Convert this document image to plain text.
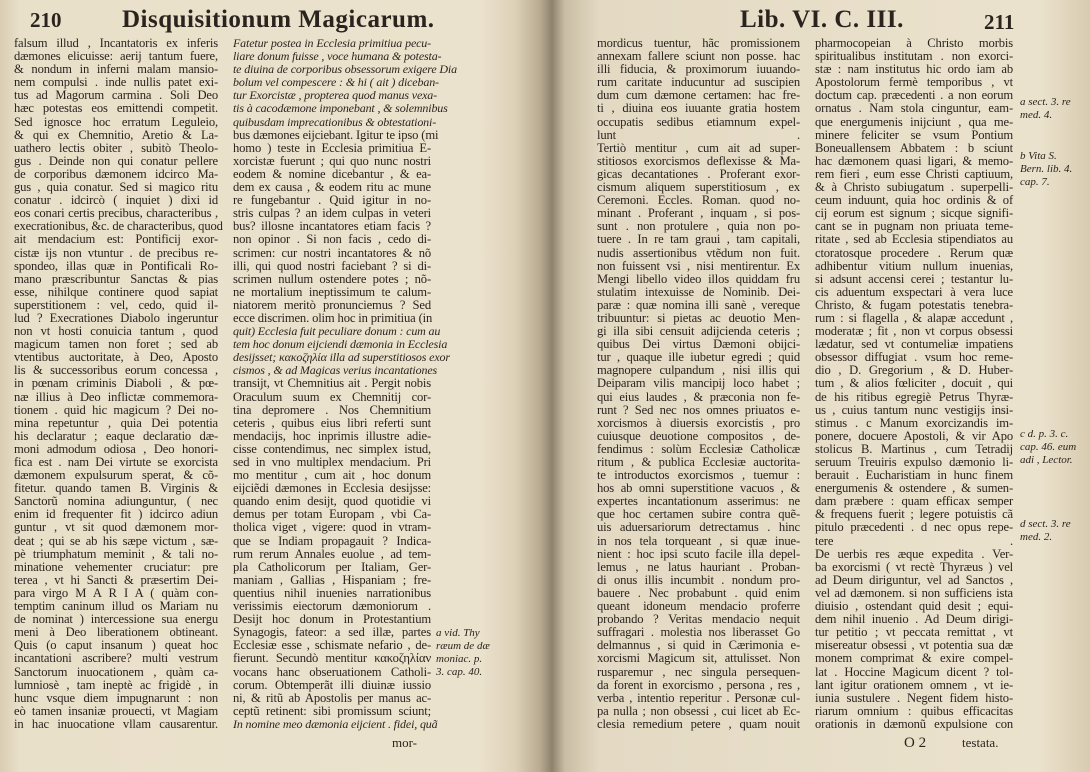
210 Disquisitionum Magicarum.
falsum illud , Incantatoris ex inferis
dæmones elicuisse: aerij tantum fuere,
& nondum in inferni malam mansio-
nem compulsi . inde nullis patet exi-
tus ad Magorum carmina . Soli Deo
hæc potestas eos emittendi competit.
Sed ignosce hoc erratum Leguleio,
& qui ex Chemnitio, Aretio & La-
uathero lectis obiter , subitò Theolo-
gus . Deinde non qui conatur pellere
de corporibus dæmonem idcirco Ma-
gus , quia conatur. Sed si magico ritu
conatur . idcircò ( inquiet ) dixi id
eos conari certis precibus, characteribus ,
execrationibus, &c. de characteribus, quod
ait mendacium est: Pontificij exor-
cistæ ijs non vtuntur . de precibus re-
spondeo, illas quæ in Pontificali Ro-
mano præscribuntur Sanctas & pias
esse, nihilque continere quod sapiat
superstitionem : vel, cedo, quid il-
lud ? Execrationes Diabolo ingeruntur
non vt hosti conuicia tantum , quod
magicum tamen non foret ; sed ab
vtentibus auctoritate, à Deo, Aposto
lis & successoribus eorum concessa ,
in pœnam criminis Diaboli , & pœ-
næ illius à Deo inflictæ commemora-
tionem . quid hic magicum ? Dei no-
mina repetuntur , quia Dei potentia
his declaratur ; eaque declaratio dæ-
moni admodum odiosa , Deo honori-
fica est . nam Dei virtute se exorcista
dæmonem expulsurum sperat, & cõ-
fitetur. quando tamen B. Virginis &
Sanctorũ nomina adiunguntur, ( nec
enim id frequenter fit ) idcirco adiun
guntur , vt sit quod dæmonem mor-
deat ; qui se ab his sæpe victum , sæ-
pè triumphatum meminit , & tali no-
minatione vehementer cruciatur: pre
terea , vt hi Sancti & præsertim Dei-
para virgo M A R I A ( quàm con-
temptim caninum illud os Mariam nu
de nominat ) intercessione sua energu
meni à Deo liberationem obtineant.
Quis (o caput insanum ) queat hoc
incantationi ascribere? multi vestrum
Sanctorum inuocationem , quàm ca-
lumniosè , tam ineptè ac frigidè , in
hunc vsque diem impugnarunt : non
eò tamen insaniæ prouecti, vt Magiam
in hac inuocatione vllam causarentur.
Fatetur postea in Ecclesia primitiua pecu-
liare donum fuisse , voce humana & potesta-
te diuina de corporibus obsessorum exigere Dia
bolum vel compescere : & hi ( ait ) diceban-
tur Exorcistæ , propterea quod manus vexa-
tis à cacodæmone imponebant , & solemnibus
quibusdam imprecationibus & obtestationi-
bus dæmones eijciebant. Igitur te ipso (mi
homo ) teste in Ecclesia primitiua E-
xorcistæ fuerunt ; qui quo nunc nostri
eodem & nomine dicebantur , & ea-
dem ex causa , & eodem ritu ac mune
re fungebantur . Quid igitur in no-
stris culpas ? an idem culpas in veteri
bus? illosne incantatores etiam facis ?
non opinor . Si non facis , cedo di-
scrimen: cur nostri incantatores & nõ
illi, qui quod nostri faciebant ? si di-
scrimen nullum ostendere potes ; nõ-
ne mortalium ineptissimum te calum-
niatorem meritò pronunciemus ? Sed
ecce discrimen. olim hoc in primitiua (in
quit) Ecclesia fuit peculiare donum : cum au
tem hoc donum eijciendi dæmonia in Ecclesia
desijsset; κακοζηλία illa ad superstitiosos exor
cismos , & ad Magicas verius incantationes
transijt, vt Chemnitius ait . Pergit nobis
Oraculum suum ex Chemnitij cor-
tina depromere . Nos Chemnitium
ceteris , quibus eius libri referti sunt
mendacijs, hoc inprimis illustre adie-
cisse contendimus, nec simplex istud,
sed in vno multiplex mendacium. Pri
mo mentitur , cum ait , hoc donum
eijciẽdi dæmones in Ecclesia desijsse:
quando enim desijt, quod quotidie vi
demus per totam Europam , vbi Ca-
tholica viget , vigere: quod in vtram-
que se Indiam propagauit ? Indica-
rum rerum Annales euolue , ad tem-
pla Catholicorum per Italiam, Ger-
maniam , Gallias , Hispaniam ; fre-
quentius nihil inuenies narrationibus
verissimis eiectorum dæmoniorum .
Desijt hoc donum in Protestantium
Synagogis, fateor: a sed illæ, partes
Ecclesiæ esse , schismate nefario , de-
fierunt. Secundò mentitur κακοζηλίαν
vocans hanc obseruationem Catholi-
corum. Obtemperãt illi diuinæ iussio
ni, & ritũ ab Apostolis per manus ac-
ceptũ retinent: sibi promissum sciunt;
In nomine meo dæmonia eijcient . fidei, quã
a vid. Thy
ræum de dæ
moniac. p.
3. cap. 40.
mor-
Lib. VI. C. III.	211
mordicus tuentur, hãc promissionem
annexam fallere sciunt non posse. hac
illi fiducia, & proximorum iuuando-
rum caritate inducuntur ad suscipien
dum cum dæmone certamen: hac fre-
ti , diuina eos iuuante gratia hostem
occupatis sedibus etiamnum expel-
lunt .
Tertiò mentitur , cum ait ad super-
stitiosos exorcismos deflexisse & Ma-
gicas decantationes . Proferant exor-
cismum aliquem superstitiosum , ex
Ceremoni. Eccles. Roman. quod no-
minant . Proferant , inquam , si pos-
sunt . non protulere , quia non po-
tuere . In re tam graui , tam capitali,
nudis assertionibus vtẽdum non fuit.
non fuissent vsi , nisi mentirentur. Ex
Mengi libello video illos quiddam fru
stulatim intexuisse de Nominib. Dei-
paræ : quæ nomina illi sanè , vereque
tribuuntur: si pietas ac deuotio Men-
gi illa sibi censuit adijcienda ceteris ;
quibus Dei virtus Dæmoni obijci-
tur , quaque ille iubetur egredi ; quid
magnopere culpandum , nisi illis qui
Deiparam vilis mancipij loco habet ;
qui eius laudes , & præconia non fe-
runt ? Sed nec nos omnes priuatos e-
xorcismos à diuersis exorcistis , pro
cuiusque deuotione compositos , de-
fendimus : solùm Ecclesiæ Catholicæ
ritum , & publica Ecclesiæ auctorita-
te introductos exorcismos , tuemur :
hos ab omni superstitione vacuos , &
expertes incantationum asserimus: ne
que hoc certamen subire contra quẽ-
uis aduersariorum detrectamus . hinc
in nos tela torqueant , si quæ inue-
nient : hoc ipsi scuto facile illa depel-
lemus , ne latus hauriant . Proban-
di onus illis incumbit . nondum pro-
bauere . Nec probabunt . quid enim
queant idoneum mendacio proferre
probando ? Veritas mendacio nequit
suffragari . molestia nos liberasset Go
delmannus , si quid in Cærimonia e-
xorcismi Magicum sit, attulisset. Non
rusparemur , nec singula persequen-
da forent in exorcismo , persona , res ,
verba , intentio reperitur . Personæ cul-
pa nulla ; non obsessi , cui licet ab Ec-
clesia remedium petere , quam nouit
pharmocopeian à Christo morbis
spiritualibus institutam . non exorci-
stæ : nam institutus hic ordo iam ab
Apostolorum fermè temporibus , vt
doctum cap. præcedenti . a non eorum
ornatus . Nam stola cinguntur, eam-
que energumenis inijciunt , qua me-
minere feliciter se vsum Pontium
Boneuallensem Abbatem : b sciunt
hac dæmonem quasi ligari, & memo-
rem fieri , eum esse Christi captiuum,
& à Christo subiugatum . superpelli-
ceum induunt, quia hoc ordinis & of
cij eorum est signum ; sicque signifi-
cant se in pugnam non priuata teme-
ritate , sed ab Ecclesia stipendiatos au
ctoratosque procedere . Rerum quæ
adhibentur vitium nullum inuenias,
si adsunt accensi cerei ; testantur lu-
cis aduentum exspectari à vera luce
Christo, & fugam potestatis tenebra-
rum : si flagella , & alapæ accedunt ,
moderatæ ; fit , non vt corpus obsessi
lædatur, sed vt contumeliæ impatiens
obsessor diffugiat . vsum hoc reme-
dio , D. Gregorium , & D. Huber-
tum , & alios fœliciter , docuit , qui
de his ritibus egregiè Petrus Thyræ-
us , cuius tantum nunc vestigijs insi-
stimus . c Manum exorcizandis im-
ponere, docuere Apostoli, & vir Apo
stolicus B. Martinus , cum Tetradij
seruum Treuiris expulso dæmonio li-
berauit . Eucharistiam in hunc finem
energumenis & ostendere , & sumen-
dam præbere : quam efficax semper
& frequens fuerit ; legere potuistis cã
pitulo præcedenti . d nec opus repe-
tere .
De uerbis res æque expedita . Ver-
ba exorcismi ( vt rectè Thyræus ) vel
ad Deum diriguntur, vel ad Sanctos ,
vel ad dæmonem. si non sufficiens ista
diuisio , ostendant quid desit ; equi-
dem nihil inuenio . Ad Deum dirigi-
tur petitio ; vt peccata remittat , vt
misereatur obsessi , vt potentia sua dæ
monem comprimat & exire compel-
lat . Hoccine Magicum dicent ? tol-
lant igitur orationem omnem , vt ie-
iunia sustulere . Negent fidem histo-
riarum omnium : quibus efficacitas
orationis in dæmonũ expulsione con
a sect. 3. re
med. 4.
b Vita S.
Bern. lib. 4.
cap. 7.
c d. p. 3. c.
cap. 46. eum
adi , Lector.
d sect. 3. re
med. 2.
O 2	testata.
